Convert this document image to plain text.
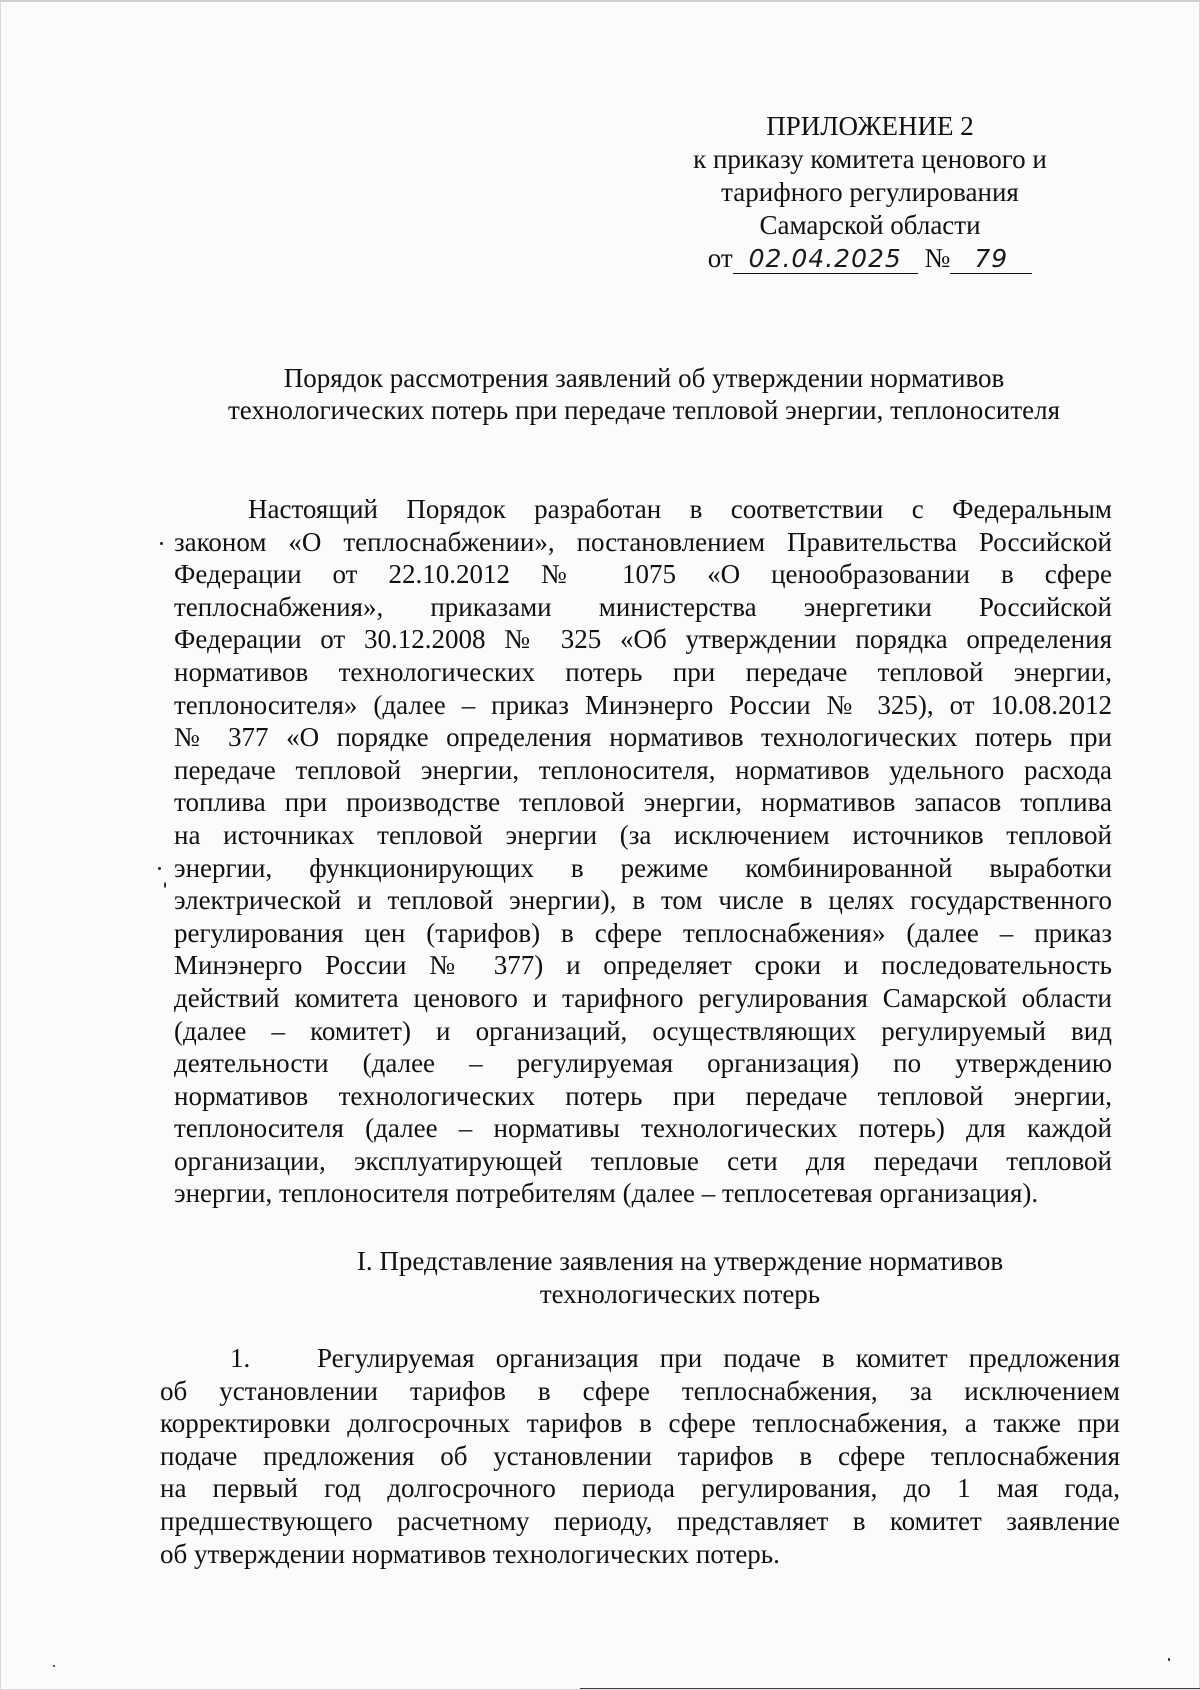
ПРИЛОЖЕНИЕ 2
к приказу комитета ценового и
тарифного регулирования
Самарской области
от 02.04.2025 № 79
Порядок рассмотрения заявлений об утверждении нормативов
технологических потерь при передаче тепловой энергии, теплоносителя
Настоящий Порядок разработан в соответствии с Федеральным
законом «О теплоснабжении», постановлением Правительства Российской
Федерации от 22.10.2012 № 1075 «О ценообразовании в сфере
теплоснабжения», приказами министерства энергетики Российской
Федерации от 30.12.2008 № 325 «Об утверждении порядка определения
нормативов технологических потерь при передаче тепловой энергии,
теплоносителя» (далее – приказ Минэнерго России № 325), от 10.08.2012
№ 377 «О порядке определения нормативов технологических потерь при
передаче тепловой энергии, теплоносителя, нормативов удельного расхода
топлива при производстве тепловой энергии, нормативов запасов топлива
на источниках тепловой энергии (за исключением источников тепловой
энергии, функционирующих в режиме комбинированной выработки
электрической и тепловой энергии), в том числе в целях государственного
регулирования цен (тарифов) в сфере теплоснабжения» (далее – приказ
Минэнерго России № 377) и определяет сроки и последовательность
действий комитета ценового и тарифного регулирования Самарской области
(далее – комитет) и организаций, осуществляющих регулируемый вид
деятельности (далее – регулируемая организация) по утверждению
нормативов технологических потерь при передаче тепловой энергии,
теплоносителя (далее – нормативы технологических потерь) для каждой
организации, эксплуатирующей тепловые сети для передачи тепловой
энергии, теплоносителя потребителям (далее – теплосетевая организация).
I. Представление заявления на утверждение нормативов
технологических потерь
1. Регулируемая организация при подаче в комитет предложения
об установлении тарифов в сфере теплоснабжения, за исключением
корректировки долгосрочных тарифов в сфере теплоснабжения, а также при
подаче предложения об установлении тарифов в сфере теплоснабжения
на первый год долгосрочного периода регулирования, до 1 мая года,
предшествующего расчетному периоду, представляет в комитет заявление
об утверждении нормативов технологических потерь.
